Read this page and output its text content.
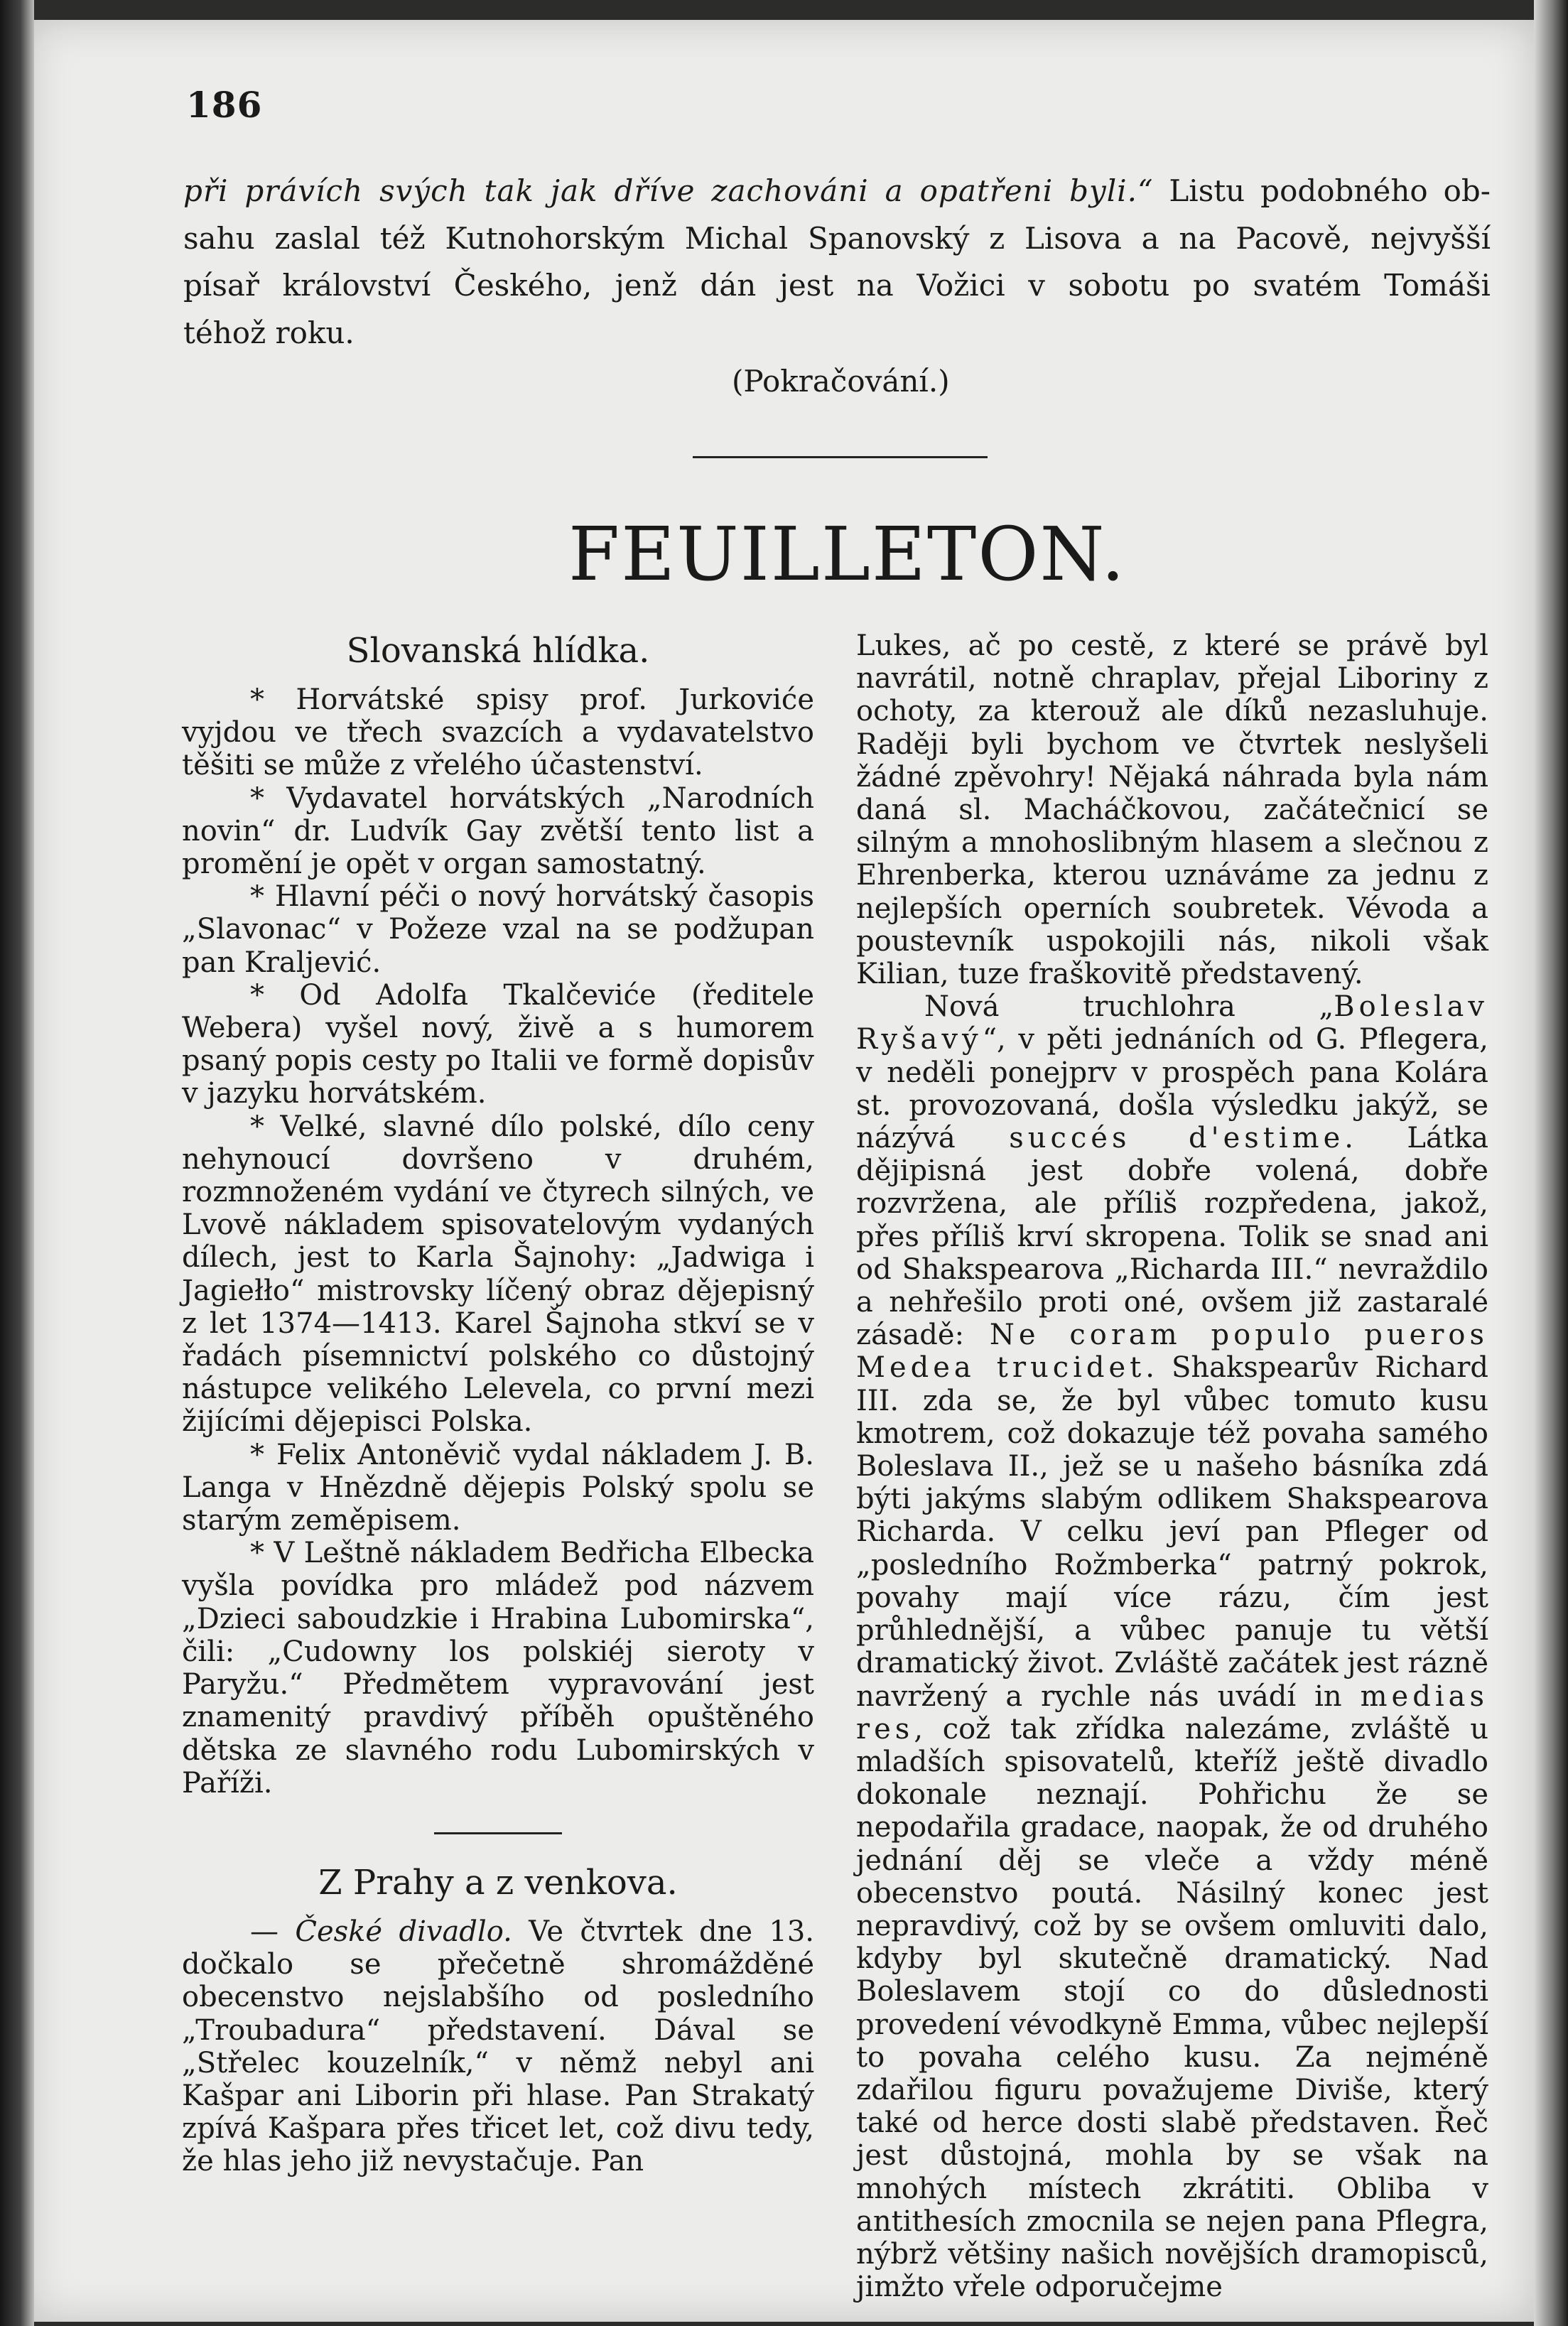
186
při právích svých tak jak dříve zachováni a opatřeni byli.“ Listu podobného ob-
sahu zaslal též Kutnohorským Michal Spanovský z Lisova a na Pacově, nejvyšší
písař království Českého, jenž dán jest na Vožici v sobotu po svatém Tomáši
téhož roku.
(Pokračování.)
FEUILLETON.
Slovanská hlídka.

* Horvátské spisy prof. Jurkoviće vyjdou ve třech svazcích a vydavatelstvo těšiti se může z vřelého účastenství.

* Vydavatel horvátských „Narodních novin“ dr. Ludvík Gay zvětší tento list a promění je opět v organ samostatný.

* Hlavní péči o nový horvátský časopis „Slavonac“ v Požeze vzal na se podžupan pan Kraljević.

* Od Adolfa Tkalčeviće (ředitele Webera) vyšel nový, živě a s humorem psaný popis cesty po Italii ve formě dopisův v jazyku horvátském.

* Velké, slavné dílo polské, dílo ceny nehynoucí dovršeno v druhém, rozmnoženém vydání ve čtyrech silných, ve Lvově nákladem spisovatelovým vydaných dílech, jest to Karla Šajnohy: „Jadwiga i Jagiełło“ mistrovsky líčený obraz dějepisný z let 1374—1413. Karel Šajnoha stkví se v řadách písemnictví polského co důstojný nástupce velikého Lelevela, co první mezi žijícími dějepisci Polska.

* Felix Antoněvič vydal nákladem J. B. Langa v Hnězdně dějepis Polský spolu se starým zeměpisem.

* V Leštně nákladem Bedřicha Elbecka vyšla povídka pro mládež pod názvem „Dzieci saboudzkie i Hrabina Lubomirska“, čili: „Cudowny los polskiéj sieroty v Paryžu.“ Předmětem vypravování jest znamenitý pravdivý příběh opuštěného dětska ze slavného rodu Lubomirských v Paříži.

Z Prahy a z venkova.

— České divadlo. Ve čtvrtek dne 13. dočkalo se přečetně shromážděné obecenstvo nejslabšího od posledního „Troubadura“ představení. Dával se „Střelec kouzelník,“ v němž nebyl ani Kašpar ani Liborin při hlase. Pan Strakatý zpívá Kašpara přes třicet let, což divu tedy, že hlas jeho již nevystačuje. Pan

Lukes, ač po cestě, z které se právě byl navrátil, notně chraplav, přejal Liboriny z ochoty, za kterouž ale díků nezasluhuje. Raději byli bychom ve čtvrtek neslyšeli žádné zpěvohry! Nějaká náhrada byla nám daná sl. Macháčkovou, začátečnicí se silným a mnohoslibným hlasem a slečnou z Ehrenberka, kterou uznáváme za jednu z nejlepších operních soubretek. Vévoda a poustevník uspokojili nás, nikoli však Kilian, tuze fraškovitě představený.

Nová truchlohra „Boleslav Ryšavý“, v pěti jednáních od G. Pflegera, v neděli ponejprv v prospěch pana Kolára st. provozovaná, došla výsledku jakýž, se názývá succés d'estime. Látka dějipisná jest dobře volená, dobře rozvržena, ale příliš rozpředena, jakož, přes příliš krví skropena. Tolik se snad ani od Shakspearova „Richarda III.“ nevraždilo a nehřešilo proti oné, ovšem již zastaralé zásadě: Ne coram populo pueros Medea trucidet. Shakspearův Richard III. zda se, že byl vůbec tomuto kusu kmotrem, což dokazuje též povaha samého Boleslava II., jež se u našeho básníka zdá býti jakýms slabým odlikem Shakspearova Richarda. V celku jeví pan Pfleger od „posledního Rožmberka“ patrný pokrok, povahy mají více rázu, čím jest průhlednější, a vůbec panuje tu větší dramatický život. Zvláště začátek jest rázně navržený a rychle nás uvádí in medias res, což tak zřídka nalezáme, zvláště u mladších spisovatelů, kteříž ještě divadlo dokonale neznají. Pohřichu že se nepodařila gradace, naopak, že od druhého jednání děj se vleče a vždy méně obecenstvo poutá. Násilný konec jest nepravdivý, což by se ovšem omluviti dalo, kdyby byl skutečně dramatický. Nad Boleslavem stojí co do důslednosti provedení vévodkyně Emma, vůbec nejlepší to povaha celého kusu. Za nejméně zdařilou figuru považujeme Diviše, který také od herce dosti slabě představen. Řeč jest důstojná, mohla by se však na mnohých místech zkrátiti. Obliba v antithesích zmocnila se nejen pana Pflegra, nýbrž většiny našich novějších dramopisců, jimžto vřele odporučejme
